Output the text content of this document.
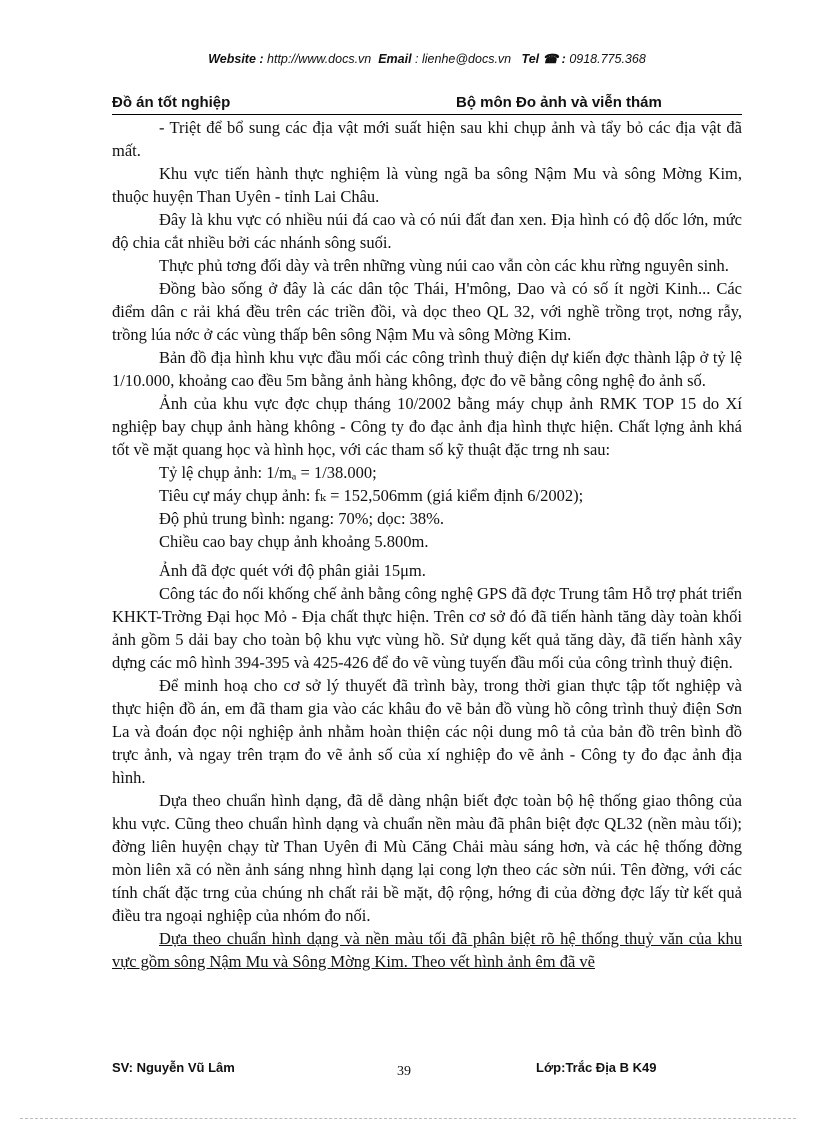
Website : http://www.docs.vn Email : lienhe@docs.vn Tel ☎ : 0918.775.368
Đồ án tốt nghiệp	Bộ môn Đo ảnh và viễn thám

- Triệt để bổ sung các địa vật mới suất hiện sau khi chụp ảnh và tẩy bỏ các địa vật đã mất.

Khu vực tiến hành thực nghiệm là vùng ngã ba sông Nậm Mu và sông Mờng Kim, thuộc huyện Than Uyên - tỉnh Lai Châu.

Đây là khu vực có nhiều núi đá cao và có núi đất đan xen. Địa hình có độ dốc lớn, mức độ chia cắt nhiều bởi các nhánh sông suối.

Thực phủ tơng đối dày và trên những vùng núi cao vẫn còn các khu rừng nguyên sinh.

Đồng bào sống ở đây là các dân tộc Thái, H'mông, Dao và có số ít ngời Kinh... Các điểm dân c rải khá đều trên các triền đồi, và dọc theo QL 32, với nghề trồng trọt, nơng rẫy, trồng lúa nớc ở các vùng thấp bên sông Nậm Mu và sông Mờng Kim.

Bản đồ địa hình khu vực đầu mối các công trình thuỷ điện dự kiến đợc thành lập ở tỷ lệ 1/10.000, khoảng cao đều 5m bằng ảnh hàng không, đợc đo vẽ bằng công nghệ đo ảnh số.

Ảnh của khu vực đợc chụp tháng 10/2002 bằng máy chụp ảnh RMK TOP 15 do Xí nghiệp bay chụp ảnh hàng không - Công ty đo đạc ảnh địa hình thực hiện. Chất lợng ảnh khá tốt về mặt quang học và hình học, với các tham số kỹ thuật đặc trng nh sau:

Tỷ lệ chụp ảnh: 1/mₐ = 1/38.000;

Tiêu cự máy chụp ảnh: fₖ = 152,506mm (giá kiểm định 6/2002);

Độ phủ trung bình: ngang: 70%; dọc: 38%.

Chiều cao bay chụp ảnh khoảng 5.800m.

Ảnh đã đợc quét với độ phân giải 15μm.

Công tác đo nối khống chế ảnh bằng công nghệ GPS đã đợc Trung tâm Hỗ trợ phát triển KHKT-Trờng Đại học Mỏ - Địa chất thực hiện. Trên cơ sở đó đã tiến hành tăng dày toàn khối ảnh gồm 5 dải bay cho toàn bộ khu vực vùng hồ. Sử dụng kết quả tăng dày, đã tiến hành xây dựng các mô hình 394-395 và 425-426 để đo vẽ vùng tuyến đầu mối của công trình thuỷ điện.

Để minh hoạ cho cơ sở lý thuyết đã trình bày, trong thời gian thực tập tốt nghiệp và thực hiện đồ án, em đã tham gia vào các khâu đo vẽ bản đồ vùng hồ công trình thuỷ điện Sơn La và đoán đọc nội nghiệp ảnh nhằm hoàn thiện các nội dung mô tả của bản đồ trên bình đồ trực ảnh, và ngay trên trạm đo vẽ ảnh số của xí nghiệp đo vẽ ảnh - Công ty đo đạc ảnh địa hình.

Dựa theo chuẩn hình dạng, đã dễ dàng nhận biết đợc toàn bộ hệ thống giao thông của khu vực. Cũng theo chuẩn hình dạng và chuẩn nền màu đã phân biệt đợc QL32 (nền màu tối); đờng liên huyện chạy từ Than Uyên đi Mù Căng Chải màu sáng hơn, và các hệ thống đờng mòn liên xã có nền ảnh sáng nhng hình dạng lại cong lợn theo các sờn núi. Tên đờng, với các tính chất đặc trng của chúng nh chất rải bề mặt, độ rộng, hớng đi của đờng đợc lấy từ kết quả điều tra ngoại nghiệp của nhóm đo nối.

Dựa theo chuẩn hình dạng và nền màu tối đã phân biệt rõ hệ thống thuỷ văn của khu vực gồm sông Nậm Mu và Sông Mờng Kim. Theo vết hình ảnh êm đã vẽ

SV: Nguyễn Vũ Lâm	39	Lớp:Trắc Địa B K49
